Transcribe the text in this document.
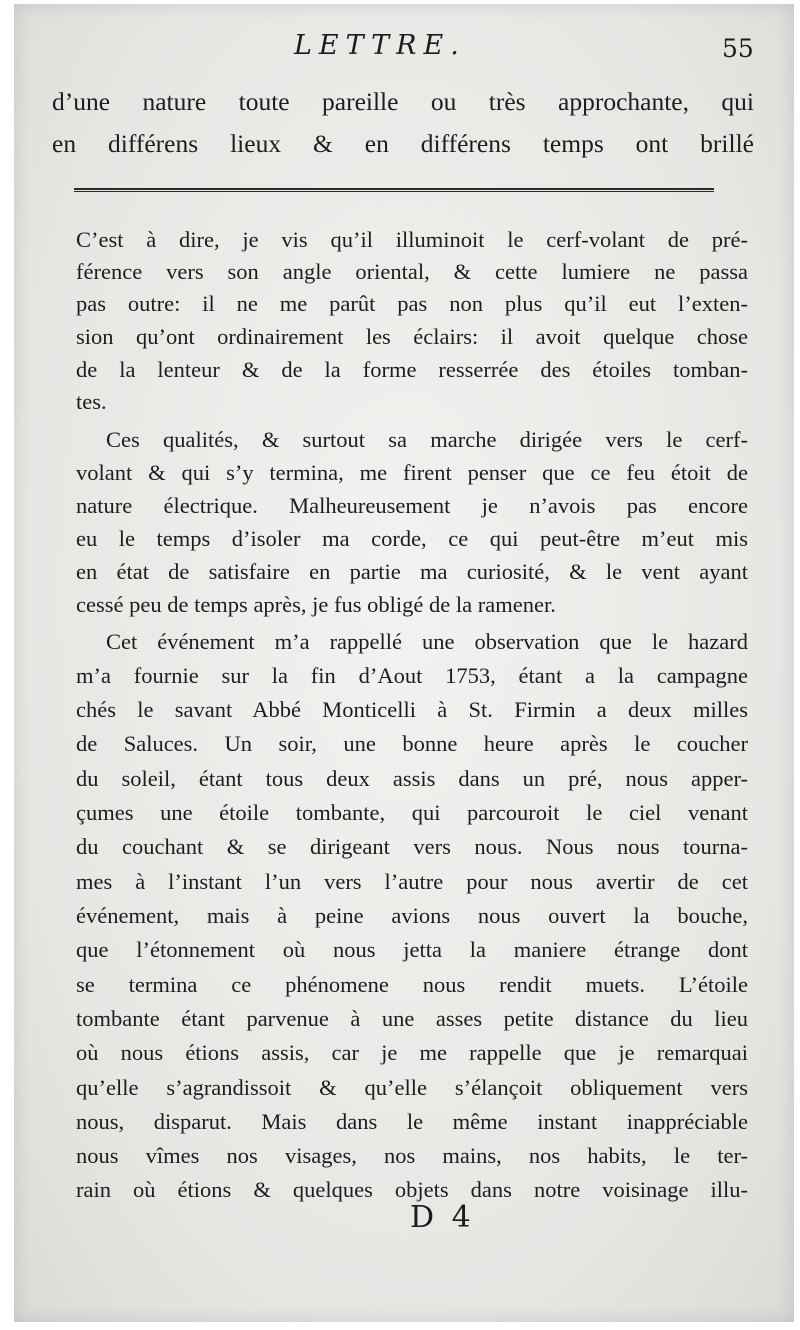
LETTRE.	55
d’une nature toute pareille ou très approchante, qui
en différens lieux & en différens temps ont brillé
C’est à dire, je vis qu’il illuminoit le cerf-volant de pré-
férence vers son angle oriental, & cette lumiere ne passa
pas outre: il ne me parût pas non plus qu’il eut l’exten-
sion qu’ont ordinairement les éclairs: il avoit quelque chose
de la lenteur & de la forme resserrée des étoiles tomban-
tes.
Ces qualités, & surtout sa marche dirigée vers le cerf-
volant & qui s’y termina, me firent penser que ce feu étoit de
nature électrique. Malheureusement je n’avois pas encore
eu le temps d’isoler ma corde, ce qui peut-être m’eut mis
en état de satisfaire en partie ma curiosité, & le vent ayant
cessé peu de temps après, je fus obligé de la ramener.
Cet événement m’a rappellé une observation que le hazard
m’a fournie sur la fin d’Aout 1753, étant a la campagne
chés le savant Abbé Monticelli à St. Firmin a deux milles
de Saluces. Un soir, une bonne heure après le coucher
du soleil, étant tous deux assis dans un pré, nous apper-
çumes une étoile tombante, qui parcouroit le ciel venant
du couchant & se dirigeant vers nous. Nous nous tourna-
mes à l’instant l’un vers l’autre pour nous avertir de cet
événement, mais à peine avions nous ouvert la bouche,
que l’étonnement où nous jetta la maniere étrange dont
se termina ce phénomene nous rendit muets. L’étoile
tombante étant parvenue à une asses petite distance du lieu
où nous étions assis, car je me rappelle que je remarquai
qu’elle s’agrandissoit & qu’elle s’élançoit obliquement vers
nous, disparut. Mais dans le même instant inappréciable
nous vîmes nos visages, nos mains, nos habits, le ter-
rain où étions & quelques objets dans notre voisinage illu-
D 4
